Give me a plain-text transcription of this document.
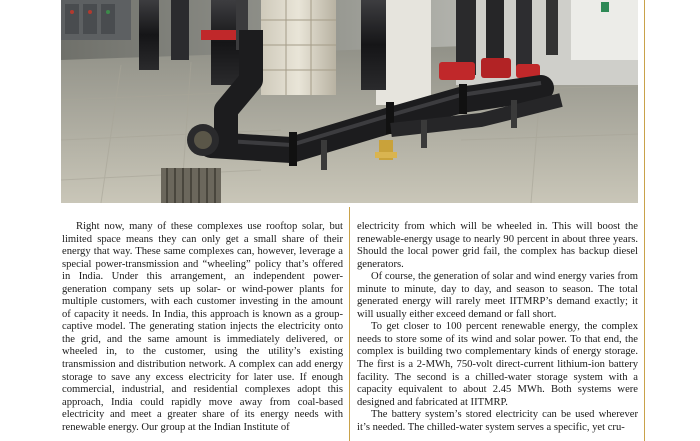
Right now, many of these complexes use rooftop solar, but limited space means they can only get a small share of their energy that way. These same complexes can, however, leverage a special power-transmission and “wheeling” policy that’s offered in India. Under this arrangement, an independent power-generation company sets up solar- or wind-power plants for multiple customers, with each customer investing in the amount of capacity it needs. In India, this approach is known as a group-captive model. The generating station injects the electricity onto the grid, and the same amount is immediately delivered, or wheeled in, to the customer, using the utility’s existing transmission and distribution network. A complex can add energy storage to save any excess electricity for later use. If enough commercial, industrial, and residential complexes adopt this approach, India could rapidly move away from coal-based electricity and meet a greater share of its energy needs with renewable energy. Our group at the Indian Institute of

electricity from which will be wheeled in. This will boost the renewable-energy usage to nearly 90 percent in about three years. Should the local power grid fail, the complex has backup diesel generators.

Of course, the generation of solar and wind energy varies from minute to minute, day to day, and season to season. The total generated energy will rarely meet IITMRP’s demand exactly; it will usually either exceed demand or fall short.

To get closer to 100 percent renewable energy, the complex needs to store some of its wind and solar power. To that end, the complex is building two complementary kinds of energy storage. The first is a 2-MWh, 750-volt direct-current lithium-ion battery facility. The second is a chilled-water storage system with a capacity equivalent to about 2.45 MWh. Both systems were designed and fabricated at IITMRP.

The battery system’s stored electricity can be used wherever it’s needed. The chilled-water system serves a specific, yet cru-
